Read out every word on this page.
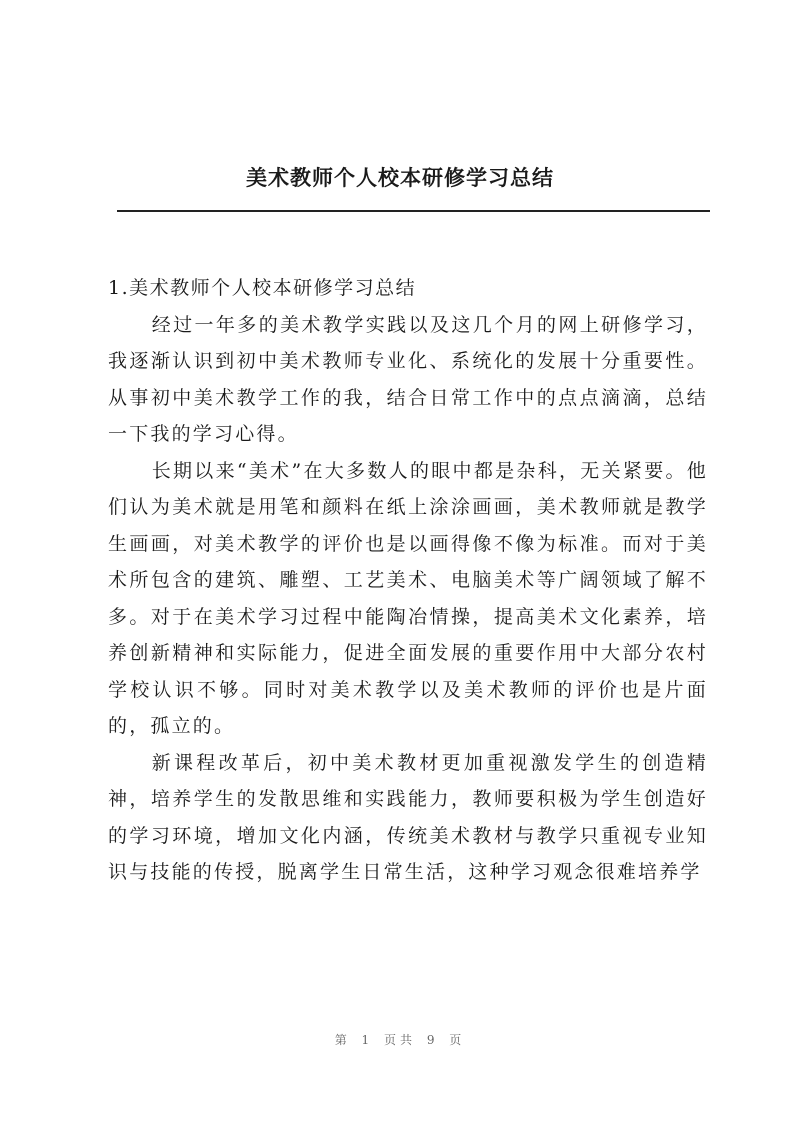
美术教师个人校本研修学习总结

1.美术教师个人校本研修学习总结

经过一年多的美术教学实践以及这几个月的网上研修学习，我逐渐认识到初中美术教师专业化、系统化的发展十分重要性。从事初中美术教学工作的我，结合日常工作中的点点滴滴，总结一下我的学习心得。

长期以来“美术”在大多数人的眼中都是杂科，无关紧要。他们认为美术就是用笔和颜料在纸上涂涂画画，美术教师就是教学生画画，对美术教学的评价也是以画得像不像为标准。而对于美术所包含的建筑、雕塑、工艺美术、电脑美术等广阔领域了解不多。对于在美术学习过程中能陶冶情操，提高美术文化素养，培养创新精神和实际能力，促进全面发展的重要作用中大部分农村学校认识不够。同时对美术教学以及美术教师的评价也是片面的，孤立的。

新课程改革后，初中美术教材更加重视激发学生的创造精神，培养学生的发散思维和实践能力，教师要积极为学生创造好的学习环境，增加文化内涵，传统美术教材与教学只重视专业知识与技能的传授，脱离学生日常生活，这种学习观念很难培养学

第 1 页共 9 页
